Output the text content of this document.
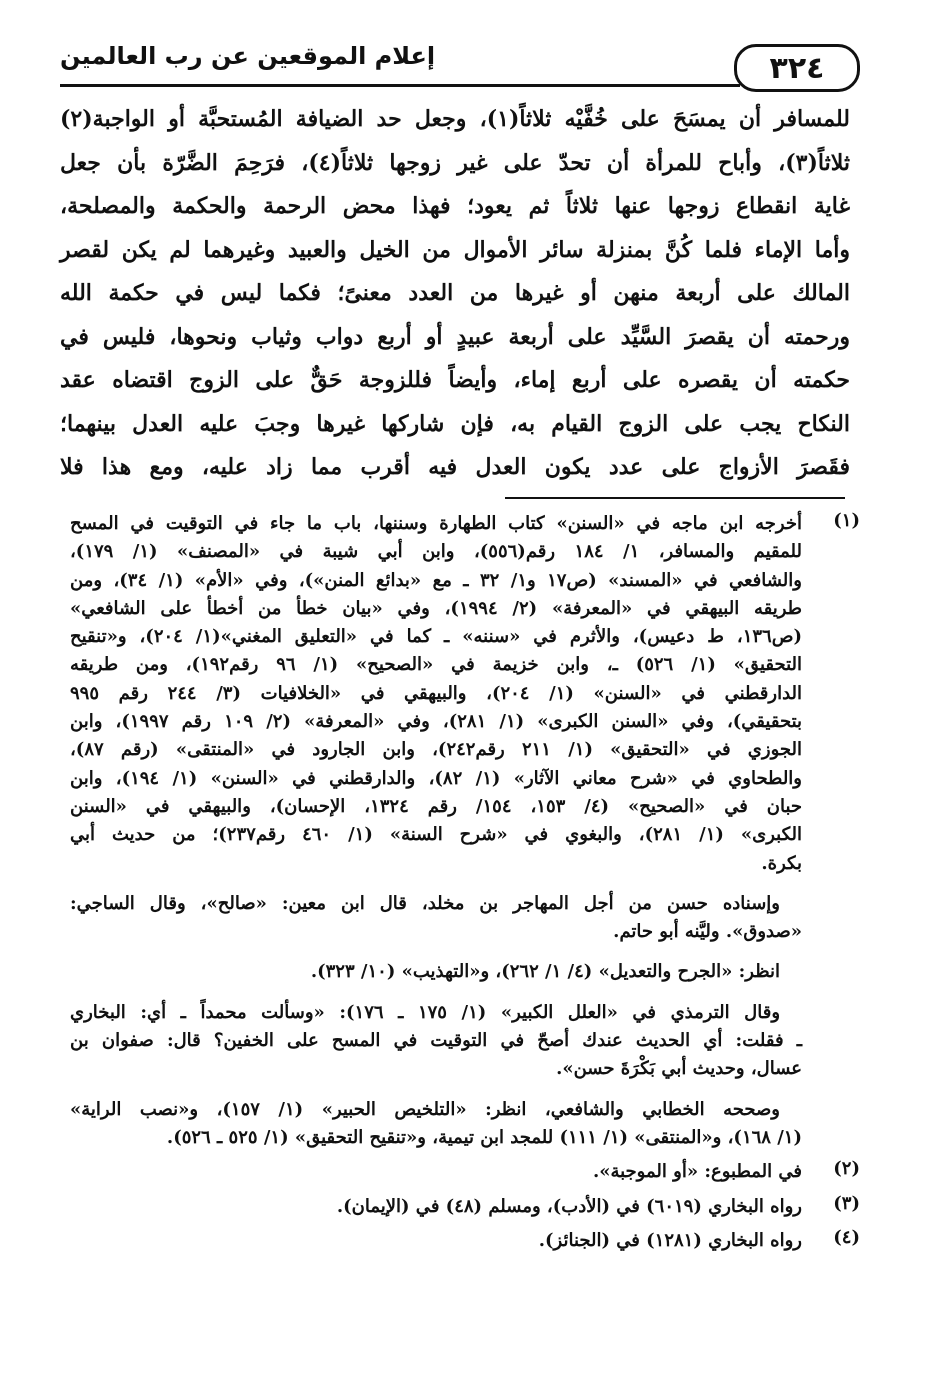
٣٢٤
إعلام الموقعين عن رب العالمين
للمسافر أن يمسَحَ على خُفَّيْه ثلاثاً(١)، وجعل حد الضيافة المُستحبَّة أو الواجبة(٢)
ثلاثاً(٣)، وأباح للمرأة أن تحدّ على غير زوجها ثلاثاً(٤)، فرَحِمَ الضَّرّة بأن جعل
غاية انقطاع زوجها عنها ثلاثاً ثم يعود؛ فهذا محض الرحمة والحكمة والمصلحة،
وأما الإماء فلما كُنَّ بمنزلة سائر الأموال من الخيل والعبيد وغيرهما لم يكن لقصر
المالك على أربعة منهن أو غيرها من العدد معنىً؛ فكما ليس في حكمة الله
ورحمته أن يقصرَ السَّيِّد على أربعة عبيدٍ أو أربع دواب وثياب ونحوها، فليس في
حكمته أن يقصره على أربع إماء، وأيضاً فللزوجة حَقٌّ على الزوج اقتضاه عقد
النكاح يجب على الزوج القيام به، فإن شاركها غيرها وجبَ عليه العدل بينهما؛
فقَصرَ الأزواج على عدد يكون العدل فيه أقرب مما زاد عليه، ومع هذا فلا
(١)
أخرجه ابن ماجه في «السنن» كتاب الطهارة وسننها، باب ما جاء في التوقيت في المسح
للمقيم والمسافر، ١/ ١٨٤ رقم(٥٥٦)، وابن أبي شيبة في «المصنف» (١/ ١٧٩)،
والشافعي في «المسند» (ص١٧ و١/ ٣٢ ـ مع «بدائع المنن»)، وفي «الأم» (١/ ٣٤)، ومن
طريقه البيهقي في «المعرفة» (٢/ ١٩٩٤)، وفي «بيان خطأ من أخطأ على الشافعي»
(ص١٣٦، ط دعيس)، والأثرم في «سننه» ـ كما في «التعليق المغني»(١/ ٢٠٤)، و«تنقيح
التحقيق» (١/ ٥٢٦) ـ، وابن خزيمة في «الصحيح» (١/ ٩٦ رقم١٩٢)، ومن طريقه
الدارقطني في «السنن» (١/ ٢٠٤)، والبيهقي في «الخلافيات (٣/ ٢٤٤ رقم ٩٩٥
بتحقيقي)، وفي «السنن الكبرى» (١/ ٢٨١)، وفي «المعرفة» (٢/ ١٠٩ رقم ١٩٩٧)، وابن
الجوزي في «التحقيق» (١/ ٢١١ رقم٢٤٢)، وابن الجارود في «المنتقى» (رقم ٨٧)،
والطحاوي في «شرح معاني الآثار» (١/ ٨٢)، والدارقطني في «السنن» (١/ ١٩٤)، وابن
حبان في «الصحيح» (٤/ ١٥٣، ١٥٤/ رقم ١٣٢٤، الإحسان)، والبيهقي في «السنن
الكبرى» (١/ ٢٨١)، والبغوي في «شرح السنة» (١/ ٤٦٠ رقم٢٣٧)؛ من حديث أبي
بكرة.
وإسناده حسن من أجل المهاجر بن مخلد، قال ابن معين: «صالح»، وقال الساجي:
«صدوق». وليَّنه أبو حاتم.
انظر: «الجرح والتعديل» (٤/ ١/ ٢٦٢)، و«التهذيب» (١٠/ ٣٢٣).
وقال الترمذي في «العلل الكبير» (١/ ١٧٥ ـ ١٧٦): «وسألت محمداً ـ أي: البخاري
ـ فقلت: أي الحديث عندك أصحّ في التوقيت في المسح على الخفين؟ قال: صفوان بن
عسال، وحديث أبي بَكْرَةَ حسن».
وصححه الخطابي والشافعي، انظر: «التلخيص الحبير» (١/ ١٥٧)، و«نصب الراية»
(١/ ١٦٨)، و«المنتقى» (١/ ١١١) للمجد ابن تيمية، و«تنقيح التحقيق» (١/ ٥٢٥ ـ ٥٢٦).
(٢)
في المطبوع: «أو الموجبة».
(٣)
رواه البخاري (٦٠١٩) في (الأدب)، ومسلم (٤٨) في (الإيمان).
(٤)
رواه البخاري (١٢٨١) في (الجنائز).
